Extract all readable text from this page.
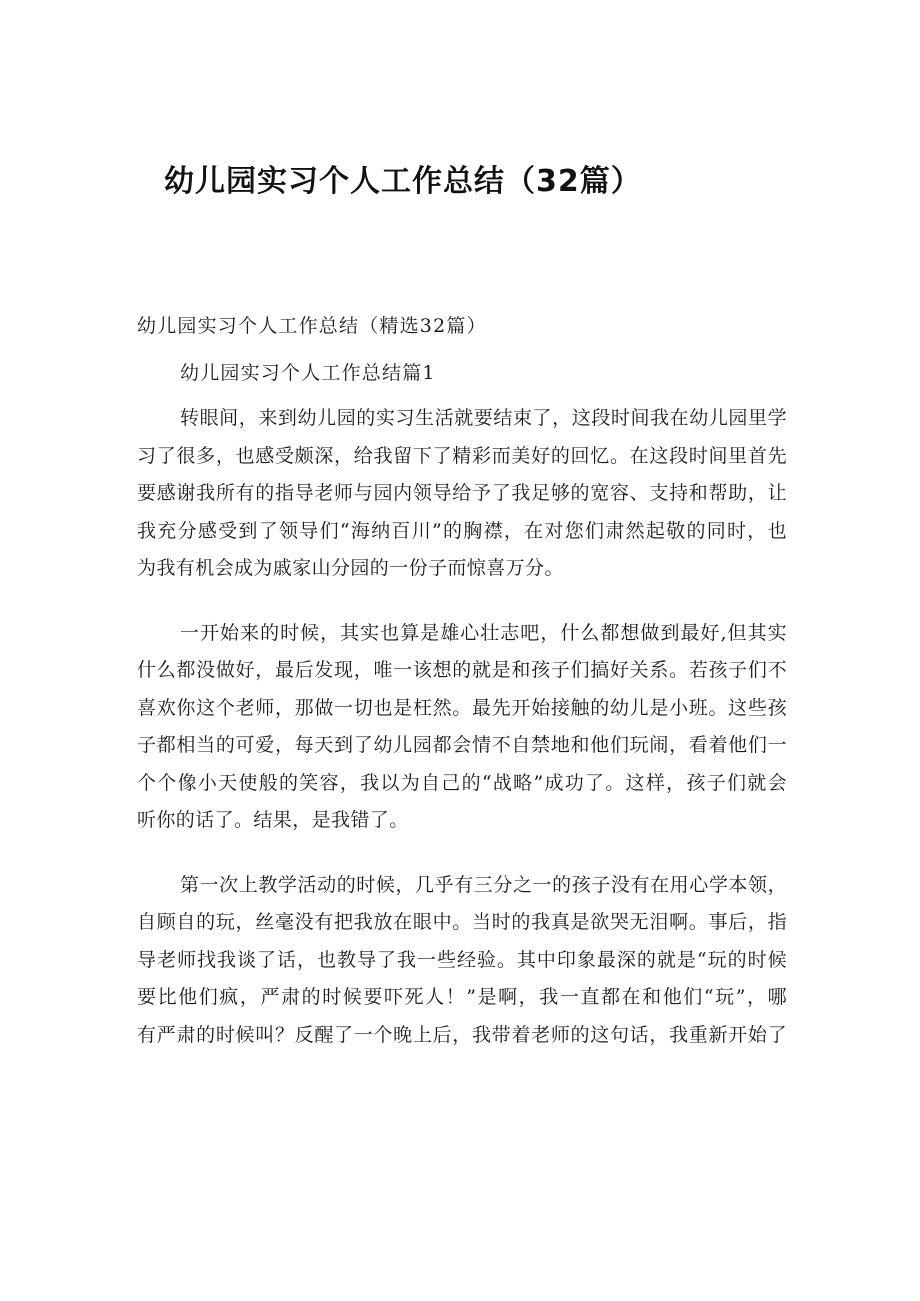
幼儿园实习个人工作总结（32篇）

幼儿园实习个人工作总结（精选32篇）

幼儿园实习个人工作总结篇1

转眼间，来到幼儿园的实习生活就要结束了，这段时间我在幼儿园里学
习了很多，也感受颇深，给我留下了精彩而美好的回忆。在这段时间里首先
要感谢我所有的指导老师与园内领导给予了我足够的宽容、支持和帮助，让
我充分感受到了领导们“海纳百川”的胸襟，在对您们肃然起敬的同时，也
为我有机会成为戚家山分园的一份子而惊喜万分。
一开始来的时候，其实也算是雄心壮志吧，什么都想做到最好,但其实
什么都没做好，最后发现，唯一该想的就是和孩子们搞好关系。若孩子们不
喜欢你这个老师，那做一切也是枉然。最先开始接触的幼儿是小班。这些孩
子都相当的可爱，每天到了幼儿园都会情不自禁地和他们玩闹，看着他们一
个个像小天使般的笑容，我以为自己的“战略”成功了。这样，孩子们就会
听你的话了。结果，是我错了。
第一次上教学活动的时候，几乎有三分之一的孩子没有在用心学本领，
自顾自的玩，丝毫没有把我放在眼中。当时的我真是欲哭无泪啊。事后，指
导老师找我谈了话，也教导了我一些经验。其中印象最深的就是“玩的时候
要比他们疯，严肃的时候要吓死人！”是啊，我一直都在和他们“玩”，哪
有严肃的时候叫？反醒了一个晚上后，我带着老师的这句话，我重新开始了
